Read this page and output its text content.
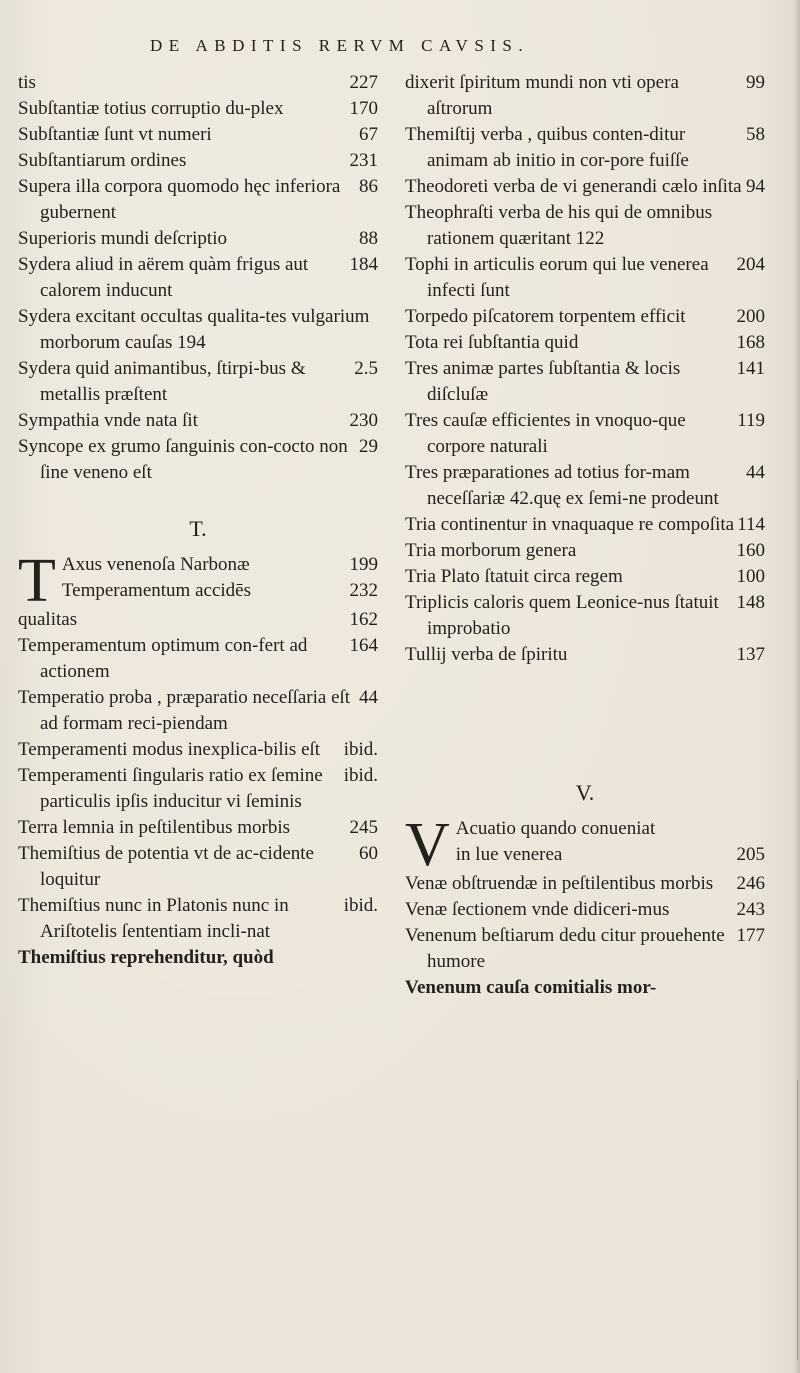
DE ABDITIS RERVM CAVSIS.
227
tis
170
Subſtantiæ totius corruptio du-plex
67
Subſtantiæ ſunt vt numeri
231
Subſtantiarum ordines
86
Supera illa corpora quomodo hęc inferiora gubernent
88
Superioris mundi deſcriptio
184
Sydera aliud in aërem quàm frigus aut calorem inducunt
Sydera excitant occultas qualita-tes vulgarium morborum cauſas 194
2.5
Sydera quid animantibus, ſtirpi-bus & metallis præſtent
230
Sympathia vnde nata ſit
29
Syncope ex grumo ſanguinis con-cocto non ſine veneno eſt
T.
T	199
Axus venenoſa Narbonæ
232
Temperamentum accidēs
162
qualitas
164
Temperamentum optimum con-fert ad actionem
44
Temperatio proba , præparatio neceſſaria eſt ad formam reci-piendam
ibid.
Temperamenti modus inexplica-bilis eſt
ibid.
Temperamenti ſingularis ratio ex ſemine particulis ipſis inducitur vi ſeminis
245
Terra lemnia in peſtilentibus morbis
60
Themiſtius de potentia vt de ac-cidente loquitur
ibid.
Themiſtius nunc in Platonis nunc in Ariſtotelis ſententiam incli-nat
Themiſtius reprehenditur, quòd
99
dixerit ſpiritum mundi non vti opera aſtrorum
58
Themiſtij verba , quibus conten-ditur animam ab initio in cor-pore fuiſſe
94
Theodoreti verba de vi generandi cælo inſita
Theophraſti verba de his qui de omnibus rationem quæritant 122
204
Tophi in articulis eorum qui lue venerea infecti ſunt
200
Torpedo piſcatorem torpentem efficit
168
Tota rei ſubſtantia quid
141
Tres animæ partes ſubſtantia & locis diſcluſæ
119
Tres cauſæ efficientes in vnoquo-que corpore naturali
44
Tres præparationes ad totius for-mam neceſſariæ 42.quę ex ſemi-ne prodeunt
114
Tria continentur in vnaquaque re compoſita
160
Tria morborum genera
100
Tria Plato ſtatuit circa regem
148
Triplicis caloris quem Leonice-nus ſtatuit improbatio
137
Tullij verba de ſpiritu
V.
V Acuatio quando conueniat
205
in lue venerea
246
Venæ obſtruendæ in peſtilentibus morbis
243
Venæ ſectionem vnde didiceri-mus
177
Venenum beſtiarum dedu citur prouehente humore
Venenum cauſa comitialis mor-
